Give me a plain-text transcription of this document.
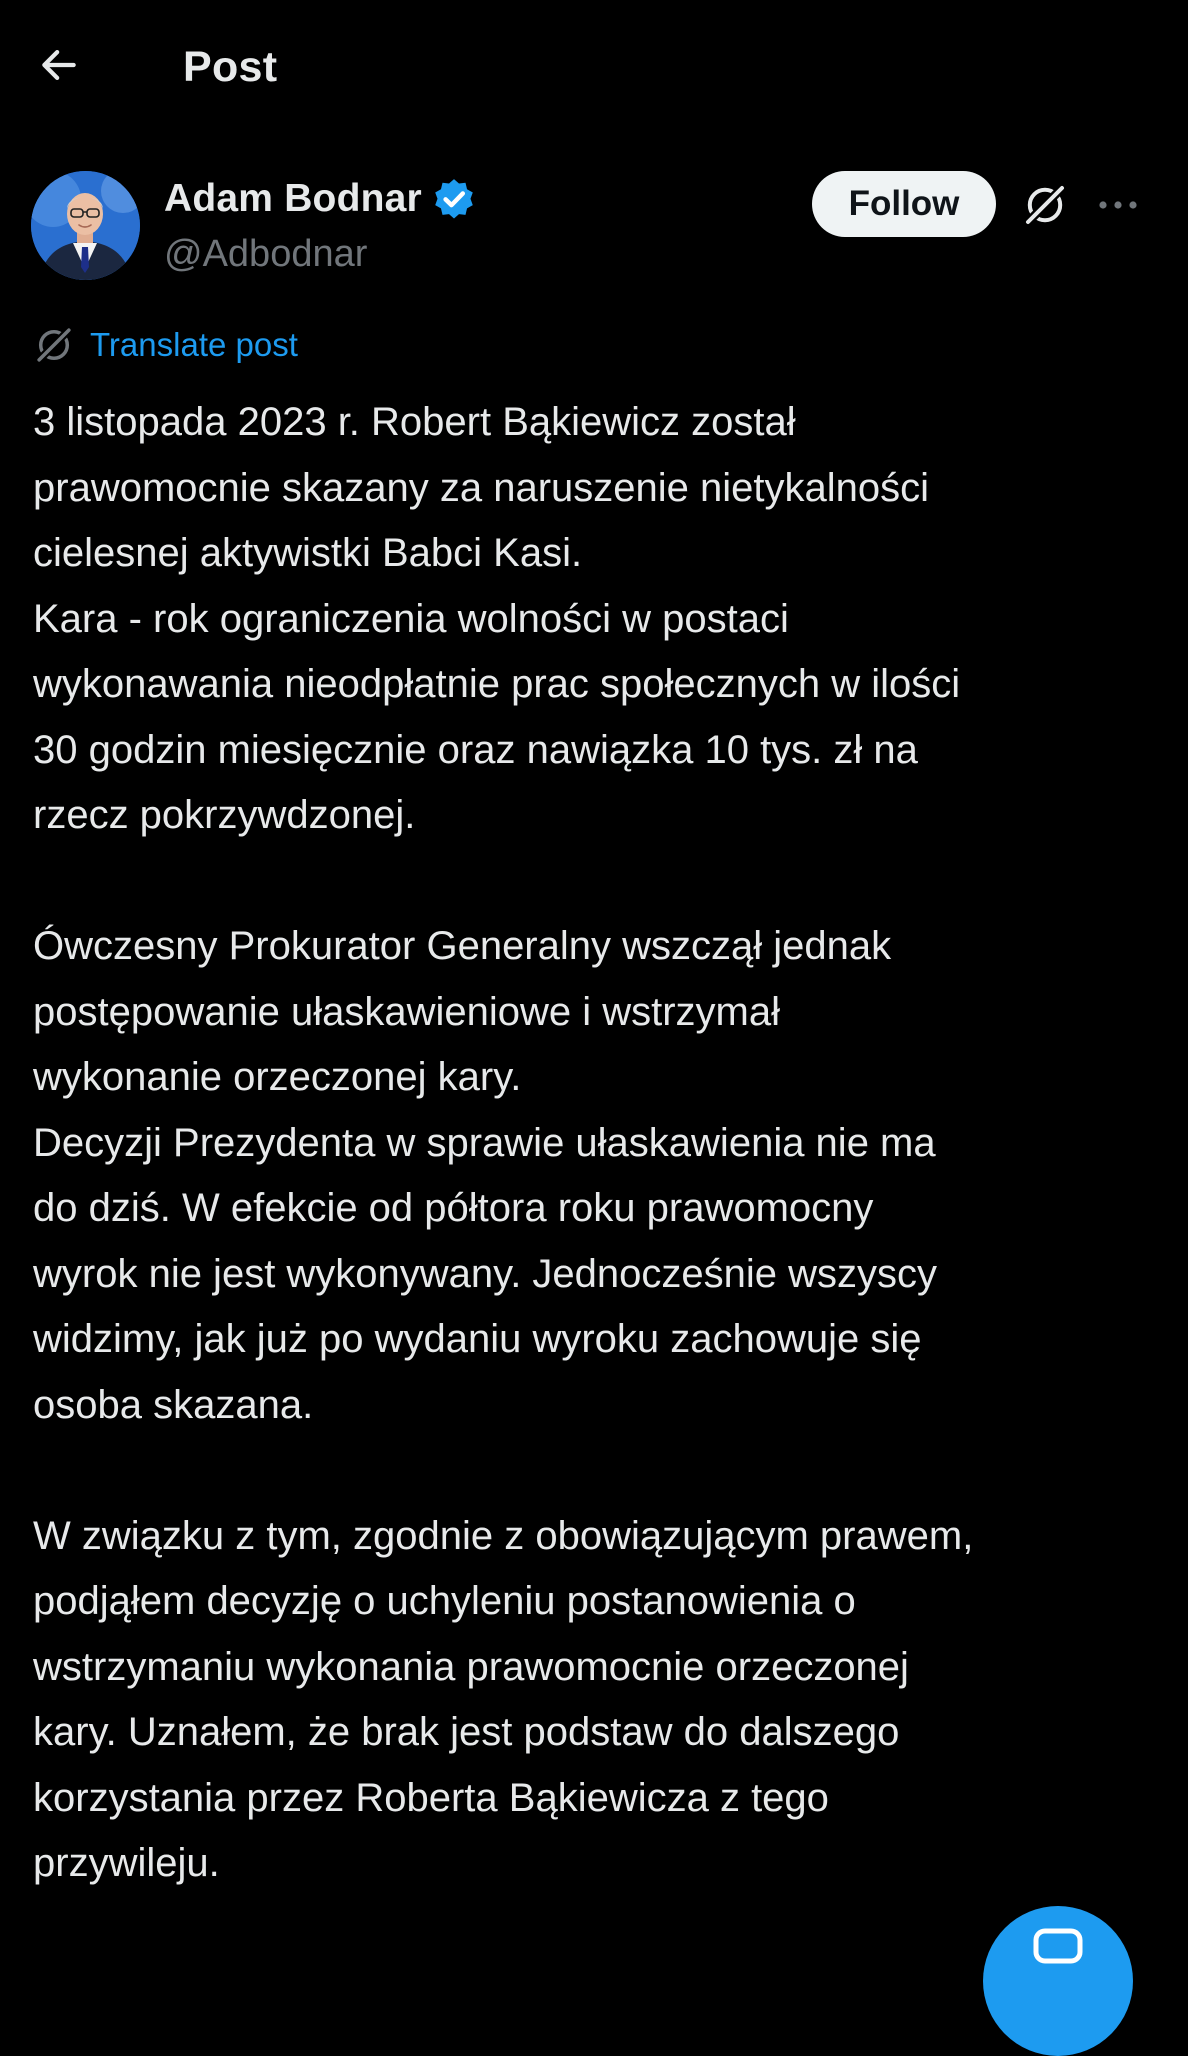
Post
Adam Bodnar
@Adbodnar
Follow
Translate post

3 listopada 2023 r. Robert Bąkiewicz został

prawomocnie skazany za naruszenie nietykalności

cielesnej aktywistki Babci Kasi.

Kara - rok ograniczenia wolności w postaci

wykonawania nieodpłatnie prac społecznych w ilości

30 godzin miesięcznie oraz nawiązka 10 tys. zł na

rzecz pokrzywdzonej.

Ówczesny Prokurator Generalny wszczął jednak

postępowanie ułaskawieniowe i wstrzymał

wykonanie orzeczonej kary.

Decyzji Prezydenta w sprawie ułaskawienia nie ma

do dziś. W efekcie od półtora roku prawomocny

wyrok nie jest wykonywany. Jednocześnie wszyscy

widzimy, jak już po wydaniu wyroku zachowuje się

osoba skazana.

W związku z tym, zgodnie z obowiązującym prawem,

podjąłem decyzję o uchyleniu postanowienia o

wstrzymaniu wykonania prawomocnie orzeczonej

kary. Uznałem, że brak jest podstaw do dalszego

korzystania przez Roberta Bąkiewicza z tego

przywileju.
